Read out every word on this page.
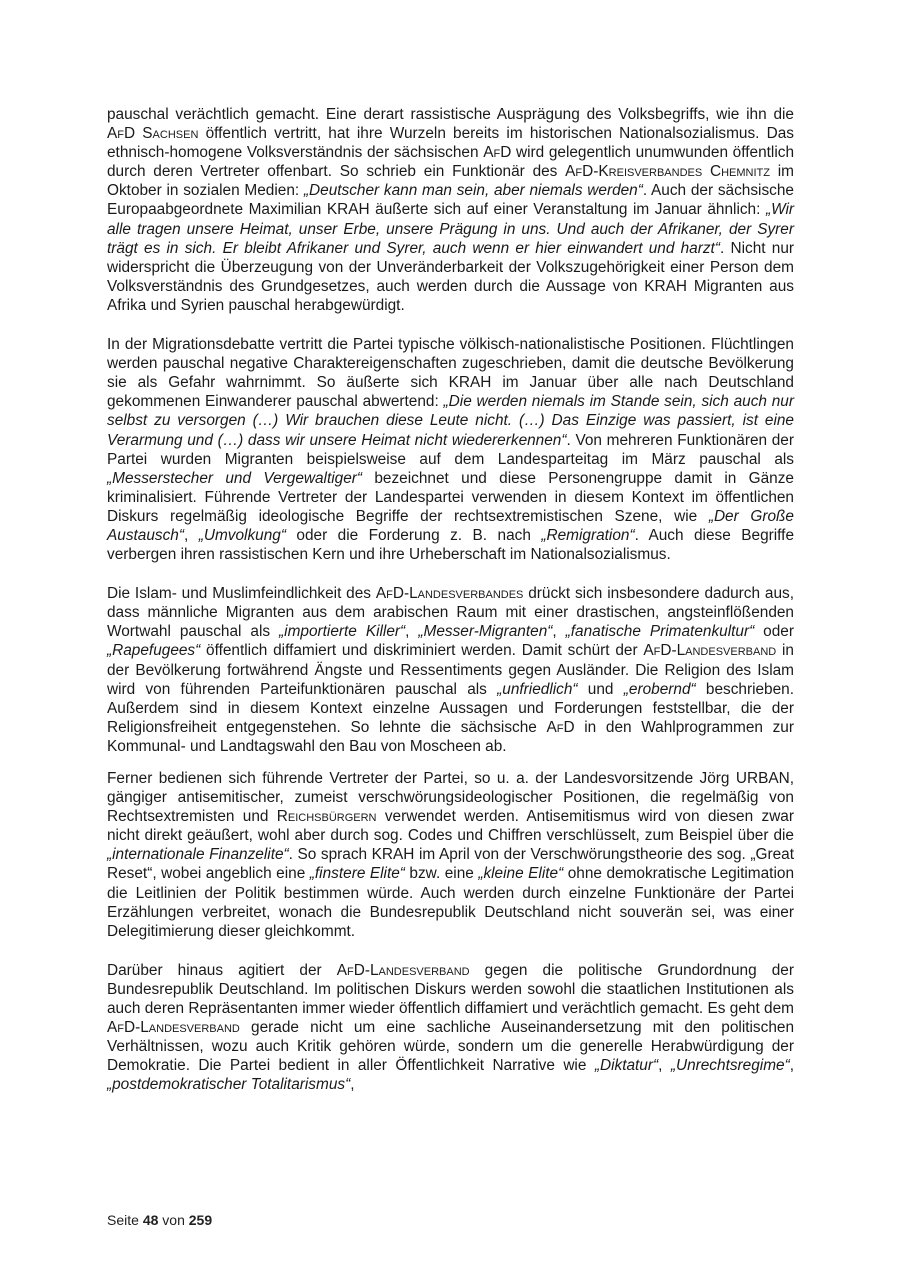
pauschal verächtlich gemacht. Eine derart rassistische Ausprägung des Volksbegriffs, wie ihn die AfD Sachsen öffentlich vertritt, hat ihre Wurzeln bereits im historischen Nationalsozialismus. Das ethnisch-homogene Volksverständnis der sächsischen AfD wird gelegentlich unumwunden öffentlich durch deren Vertreter offenbart. So schrieb ein Funktionär des AfD-Kreisverbandes Chemnitz im Oktober in sozialen Medien: „Deutscher kann man sein, aber niemals werden“. Auch der sächsische Europaabgeordnete Maximilian KRAH äußerte sich auf einer Veranstaltung im Januar ähnlich: „Wir alle tragen unsere Heimat, unser Erbe, unsere Prägung in uns. Und auch der Afrikaner, der Syrer trägt es in sich. Er bleibt Afrikaner und Syrer, auch wenn er hier einwandert und harzt“. Nicht nur widerspricht die Überzeugung von der Unveränderbarkeit der Volkszugehörigkeit einer Person dem Volksverständnis des Grundgesetzes, auch werden durch die Aussage von KRAH Migranten aus Afrika und Syrien pauschal herabgewürdigt.

In der Migrationsdebatte vertritt die Partei typische völkisch-nationalistische Positionen. Flüchtlingen werden pauschal negative Charaktereigenschaften zugeschrieben, damit die deutsche Bevölkerung sie als Gefahr wahrnimmt. So äußerte sich KRAH im Januar über alle nach Deutschland gekommenen Einwanderer pauschal abwertend: „Die werden niemals im Stande sein, sich auch nur selbst zu versorgen (…) Wir brauchen diese Leute nicht. (…) Das Einzige was passiert, ist eine Verarmung und (…) dass wir unsere Heimat nicht wiedererkennen“. Von mehreren Funktionären der Partei wurden Migranten beispielsweise auf dem Landesparteitag im März pauschal als „Messerstecher und Vergewaltiger“ bezeichnet und diese Personengruppe damit in Gänze kriminalisiert. Führende Vertreter der Landespartei verwenden in diesem Kontext im öffentlichen Diskurs regelmäßig ideologische Begriffe der rechtsextremistischen Szene, wie „Der Große Austausch“, „Umvolkung“ oder die Forderung z. B. nach „Remigration“. Auch diese Begriffe verbergen ihren rassistischen Kern und ihre Urheberschaft im Nationalsozialismus.

Die Islam- und Muslimfeindlichkeit des AfD-Landesverbandes drückt sich insbesondere dadurch aus, dass männliche Migranten aus dem arabischen Raum mit einer drastischen, angsteinflößenden Wortwahl pauschal als „importierte Killer“, „Messer-Migranten“, „fanatische Primatenkultur“ oder „Rapefugees“ öffentlich diffamiert und diskriminiert werden. Damit schürt der AfD-Landesverband in der Bevölkerung fortwährend Ängste und Ressentiments gegen Ausländer. Die Religion des Islam wird von führenden Parteifunktionären pauschal als „unfriedlich“ und „erobernd“ beschrieben. Außerdem sind in diesem Kontext einzelne Aussagen und Forderungen feststellbar, die der Religionsfreiheit entgegenstehen. So lehnte die sächsische AfD in den Wahlprogrammen zur Kommunal- und Landtagswahl den Bau von Moscheen ab.

Ferner bedienen sich führende Vertreter der Partei, so u. a. der Landesvorsitzende Jörg URBAN, gängiger antisemitischer, zumeist verschwörungsideologischer Positionen, die regelmäßig von Rechtsextremisten und Reichsbürgern verwendet werden. Antisemitismus wird von diesen zwar nicht direkt geäußert, wohl aber durch sog. Codes und Chiffren verschlüsselt, zum Beispiel über die „internationale Finanzelite“. So sprach KRAH im April von der Verschwörungstheorie des sog. „Great Reset“, wobei angeblich eine „finstere Elite“ bzw. eine „kleine Elite“ ohne demokratische Legitimation die Leitlinien der Politik bestimmen würde. Auch werden durch einzelne Funktionäre der Partei Erzählungen verbreitet, wonach die Bundesrepublik Deutschland nicht souverän sei, was einer Delegitimierung dieser gleichkommt.

Darüber hinaus agitiert der AfD-Landesverband gegen die politische Grundordnung der Bundesrepublik Deutschland. Im politischen Diskurs werden sowohl die staatlichen Institutionen als auch deren Repräsentanten immer wieder öffentlich diffamiert und verächtlich gemacht. Es geht dem AfD-Landesverband gerade nicht um eine sachliche Auseinandersetzung mit den politischen Verhältnissen, wozu auch Kritik gehören würde, sondern um die generelle Herabwürdigung der Demokratie. Die Partei bedient in aller Öffentlichkeit Narrative wie „Diktatur“, „Unrechtsregime“, „postdemokratischer Totalitarismus“,

Seite 48 von 259
